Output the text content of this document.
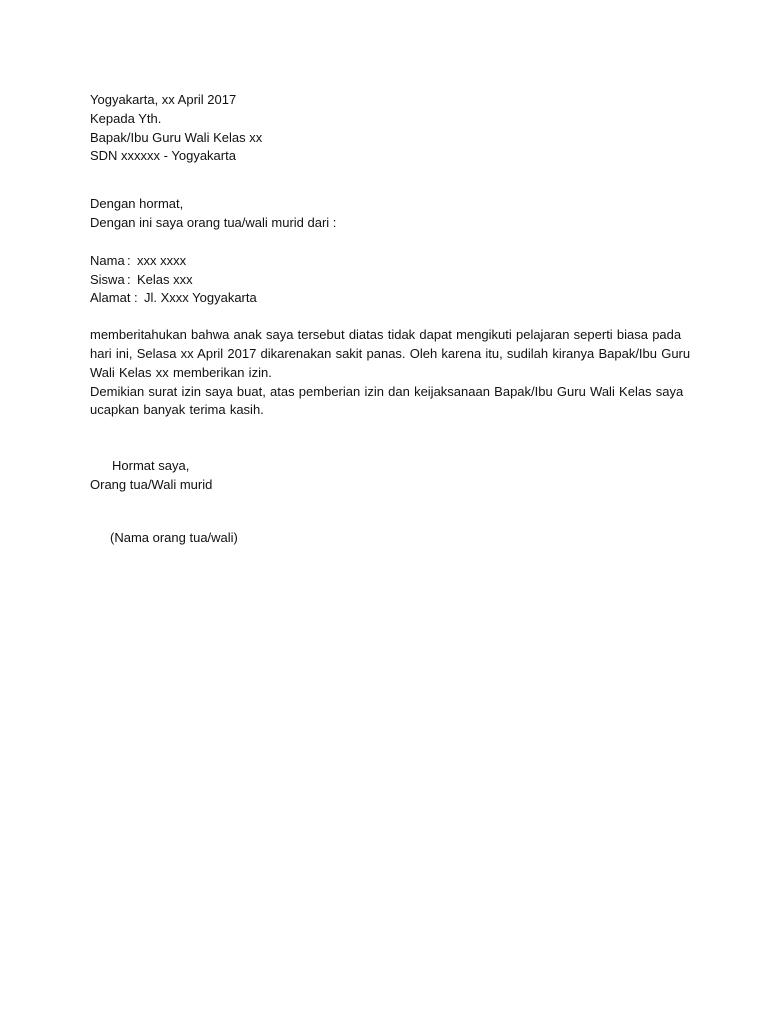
Yogyakarta, xx April 2017
Kepada Yth.
Bapak/Ibu Guru Wali Kelas xx
SDN xxxxxx - Yogyakarta
Dengan hormat,
Dengan ini saya orang tua/wali murid dari :
Nama : xxx xxxx
Siswa : Kelas xxx
Alamat : Jl. Xxxx Yogyakarta
memberitahukan bahwa anak saya tersebut diatas tidak dapat mengikuti pelajaran seperti biasa pada
hari ini, Selasa xx April 2017 dikarenakan sakit panas. Oleh karena itu, sudilah kiranya Bapak/Ibu Guru
Wali Kelas xx memberikan izin.
Demikian surat izin saya buat, atas pemberian izin dan keijaksanaan Bapak/Ibu Guru Wali Kelas saya
ucapkan banyak terima kasih.
Hormat saya,
Orang tua/Wali murid
(Nama orang tua/wali)
